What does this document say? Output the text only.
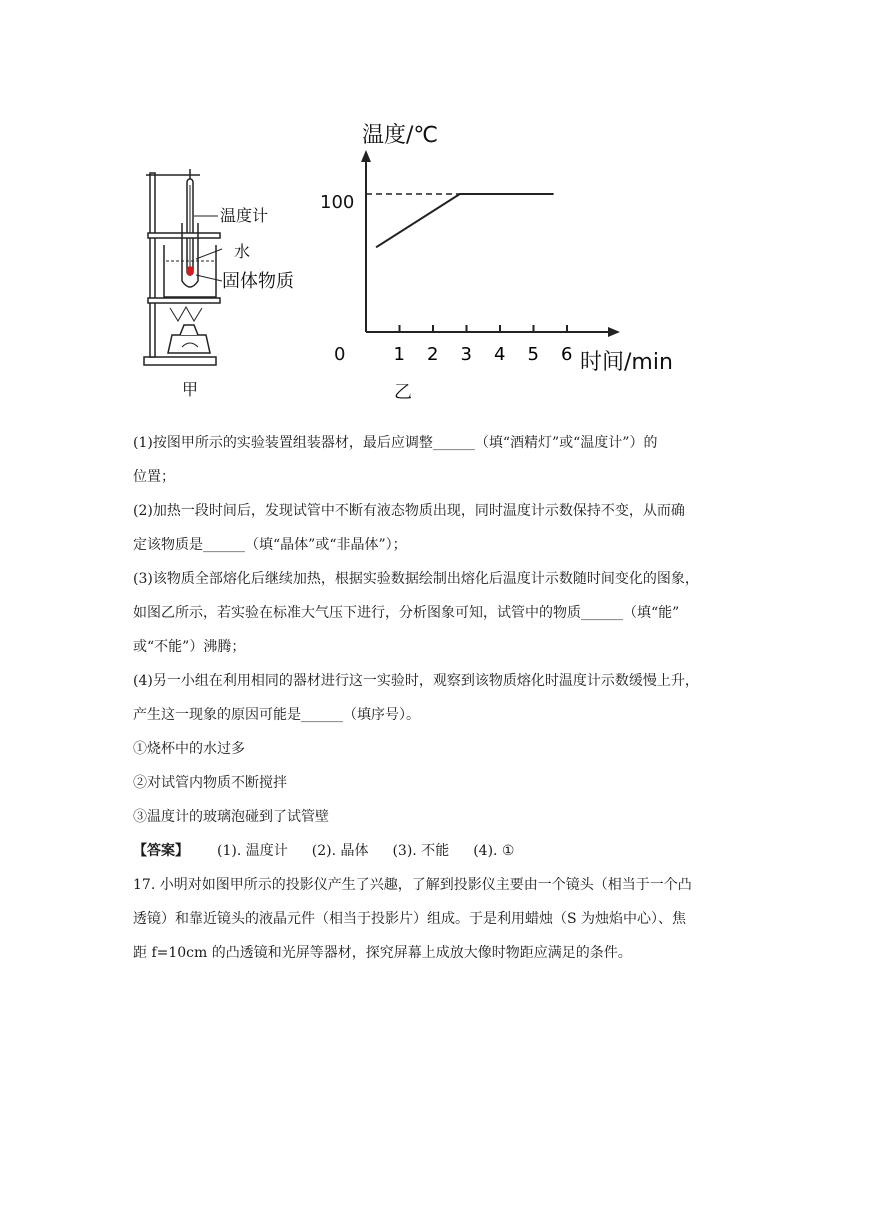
温度计
水
固体物质
甲
温度/℃
时间/min
100
0
乙
1 2 3 4 5 6
(1)按图甲所示的实验装置组装器材，最后应调整______（填“酒精灯”或“温度计”）的
位置；
(2)加热一段时间后，发现试管中不断有液态物质出现，同时温度计示数保持不变，从而确
定该物质是______（填“晶体”或“非晶体”）；
(3)该物质全部熔化后继续加热，根据实验数据绘制出熔化后温度计示数随时间变化的图象，
如图乙所示，若实验在标准大气压下进行，分析图象可知，试管中的物质______（填“能”
或“不能”）沸腾；
(4)另一小组在利用相同的器材进行这一实验时，观察到该物质熔化时温度计示数缓慢上升，
产生这一现象的原因可能是______（填序号）。
①烧杯中的水过多
②对试管内物质不断搅拌
③温度计的玻璃泡碰到了试管壁
【答案】 (1). 温度计 (2). 晶体 (3). 不能 (4). ①
17. 小明对如图甲所示的投影仪产生了兴趣，了解到投影仪主要由一个镜头（相当于一个凸
透镜）和靠近镜头的液晶元件（相当于投影片）组成。于是利用蜡烛（S 为烛焰中心）、焦
距 f=10cm 的凸透镜和光屏等器材，探究屏幕上成放大像时物距应满足的条件。
